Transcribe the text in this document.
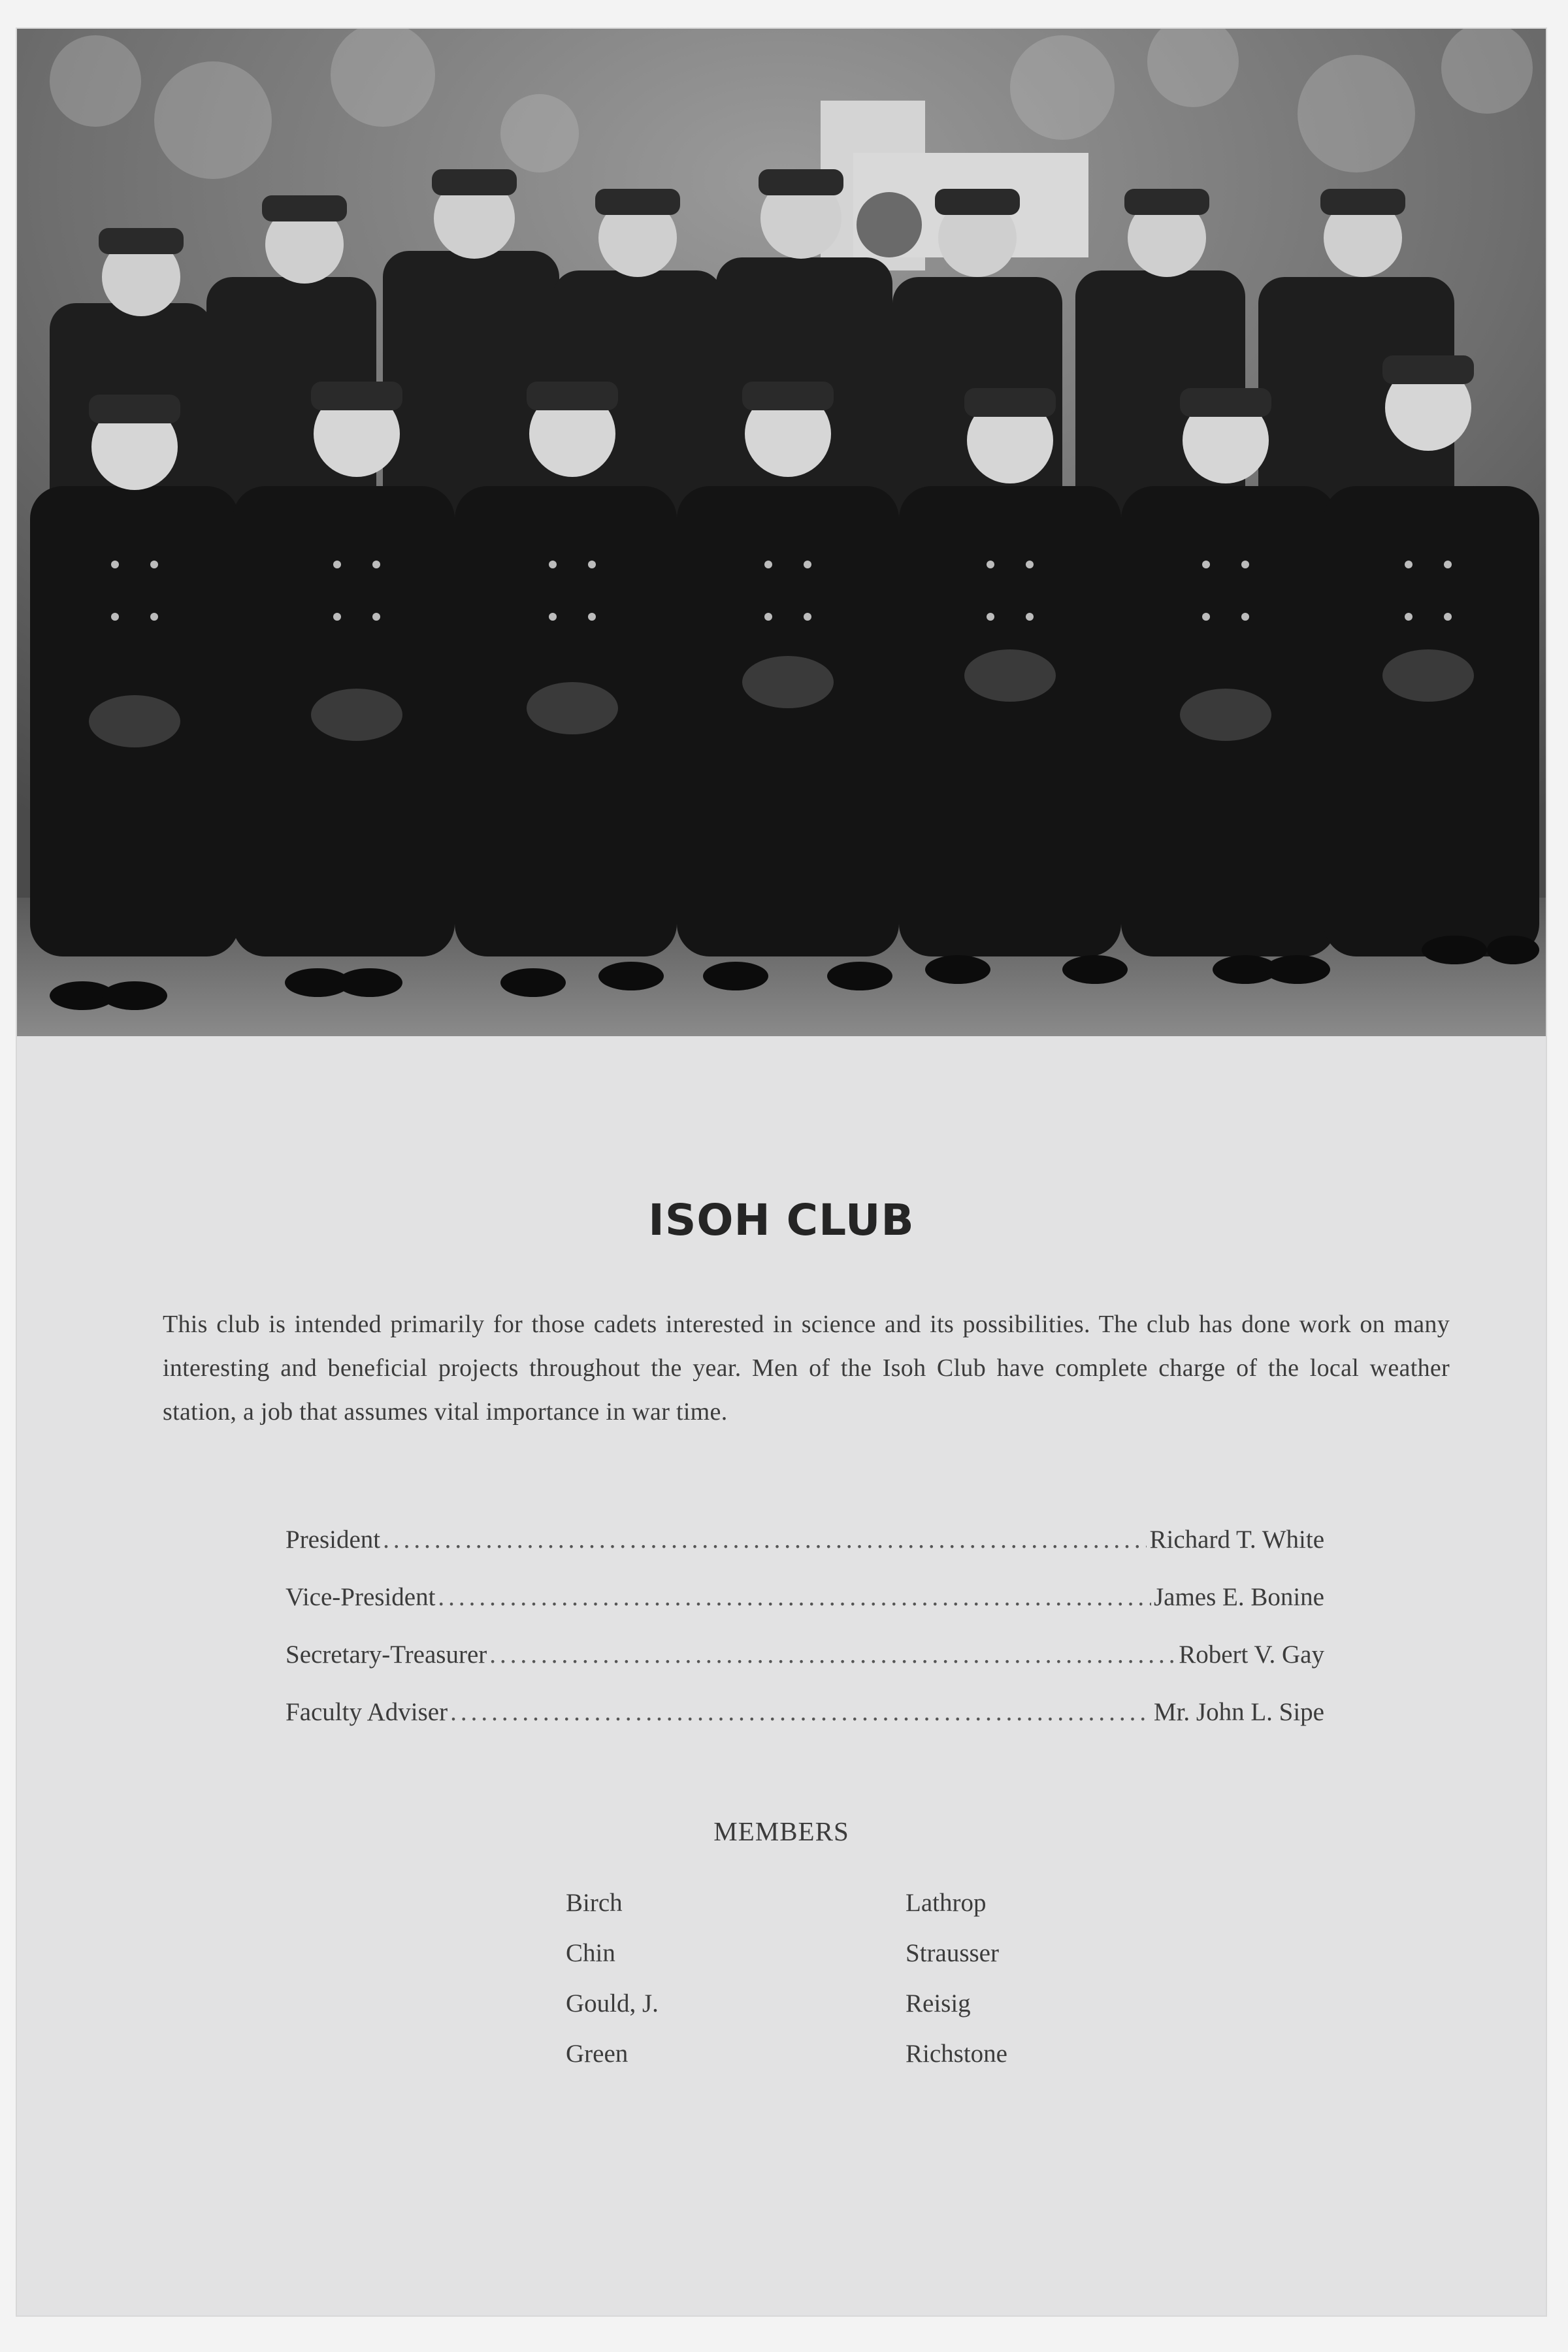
ISOH CLUB
This club is intended primarily for those cadets interested in science and its possibilities. The club has done work on many interesting and beneficial projects throughout the year. Men of the Isoh Club have complete charge of the local weather station, a job that assumes vital importance in war time.
President .....	Richard T. White
Vice-President .....	James E. Bonine
Secretary-Treasurer .....	Robert V. Gay
Faculty Adviser .....	Mr. John L. Sipe
MEMBERS
Birch	Lathrop
Chin	Strausser
Gould, J.	Reisig
Green	Richstone
